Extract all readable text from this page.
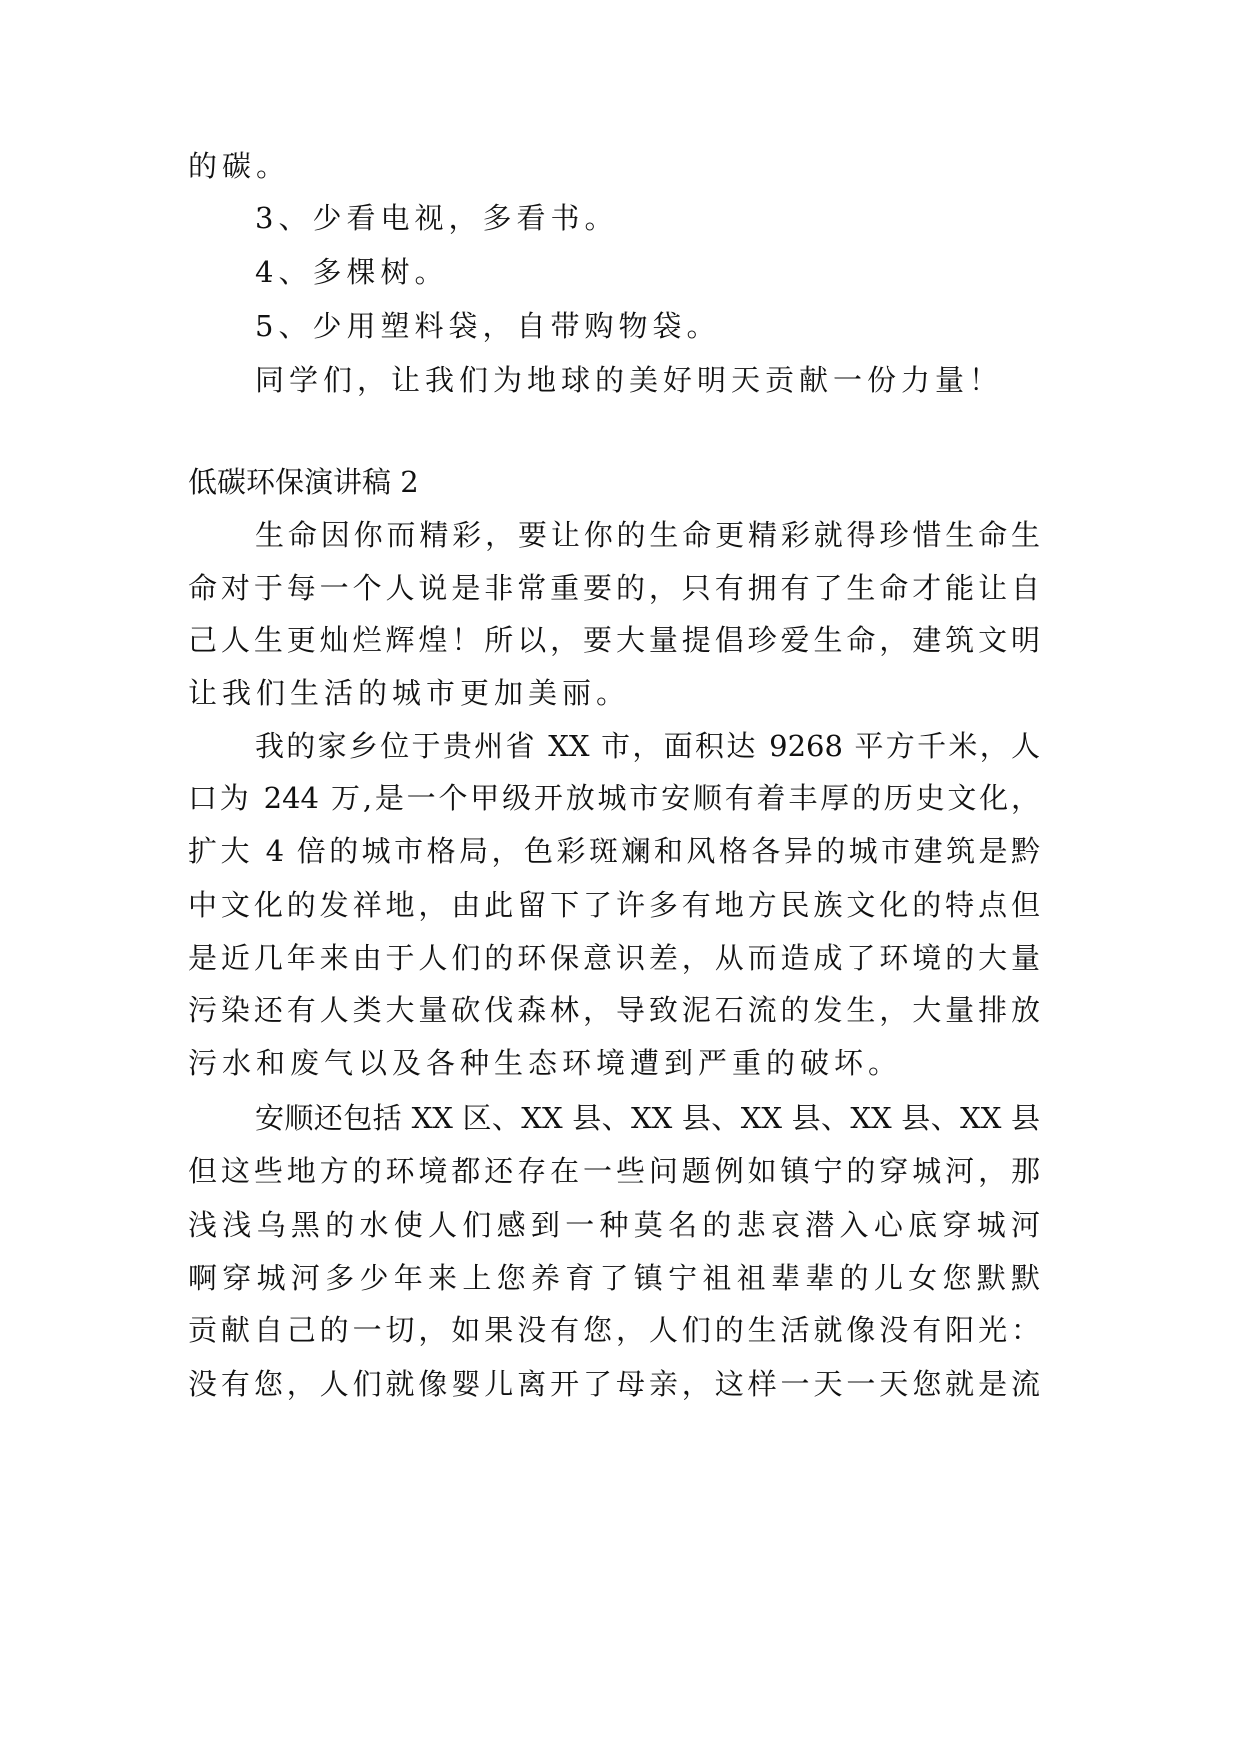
的碳。
3、少看电视，多看书。
4、多棵树。
5、少用塑料袋，自带购物袋。
同学们，让我们为地球的美好明天贡献一份力量！
低碳环保演讲稿 2
生命因你而精彩，要让你的生命更精彩就得珍惜生命生
命对于每一个人说是非常重要的，只有拥有了生命才能让自
己人生更灿烂辉煌！所以，要大量提倡珍爱生命，建筑文明
让我们生活的城市更加美丽。
我的家乡位于贵州省 XX 市，面积达 9268 平方千米，人
口为 244 万,是一个甲级开放城市安顺有着丰厚的历史文化，
扩大 4 倍的城市格局，色彩斑斓和风格各异的城市建筑是黔
中文化的发祥地，由此留下了许多有地方民族文化的特点但
是近几年来由于人们的环保意识差，从而造成了环境的大量
污染还有人类大量砍伐森林，导致泥石流的发生，大量排放
污水和废气以及各种生态环境遭到严重的破坏。
安顺还包括 XX 区、XX 县、XX 县、XX 县、XX 县、XX 县
但这些地方的环境都还存在一些问题例如镇宁的穿城河，那
浅浅乌黑的水使人们感到一种莫名的悲哀潜入心底穿城河
啊穿城河多少年来上您养育了镇宁祖祖辈辈的儿女您默默
贡献自己的一切，如果没有您，人们的生活就像没有阳光：
没有您，人们就像婴儿离开了母亲，这样一天一天您就是流
